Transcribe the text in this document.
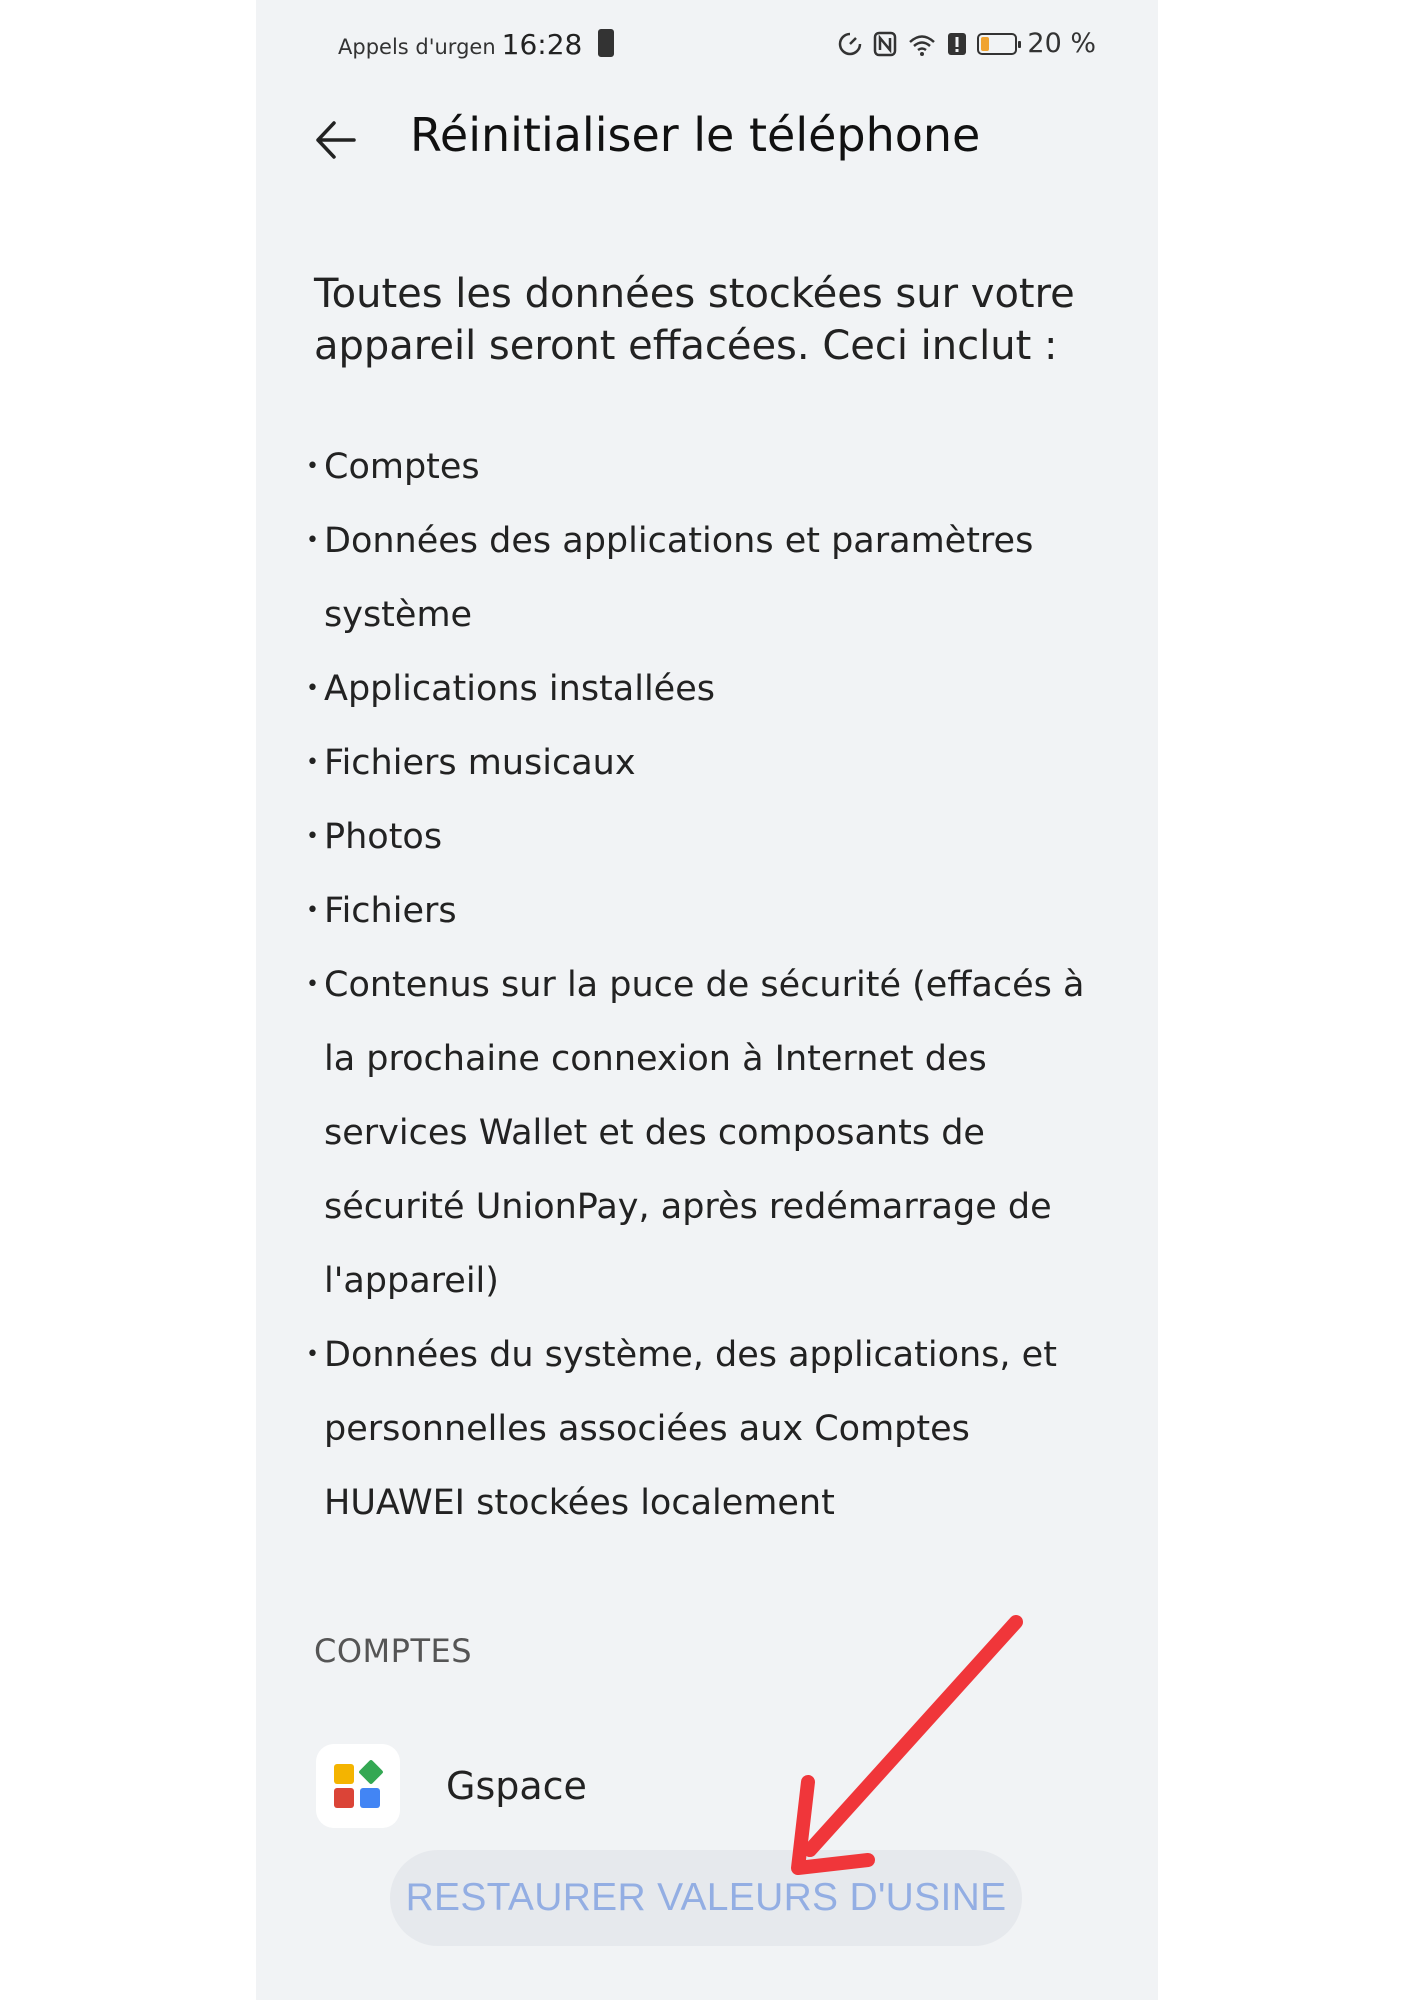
Appels d'urgen 16:28	20 %
Réinitialiser le téléphone
Toutes les données stockées sur votre appareil seront effacées. Ceci inclut :
• Comptes
• Données des applications et paramètres système
• Applications installées
• Fichiers musicaux
• Photos
• Fichiers
• Contenus sur la puce de sécurité (effacés à la prochaine connexion à Internet des services Wallet et des composants de sécurité UnionPay, après redémarrage de l'appareil)
• Données du système, des applications, et personnelles associées aux Comptes HUAWEI stockées localement
COMPTES
Gspace
RESTAURER VALEURS D'USINE
